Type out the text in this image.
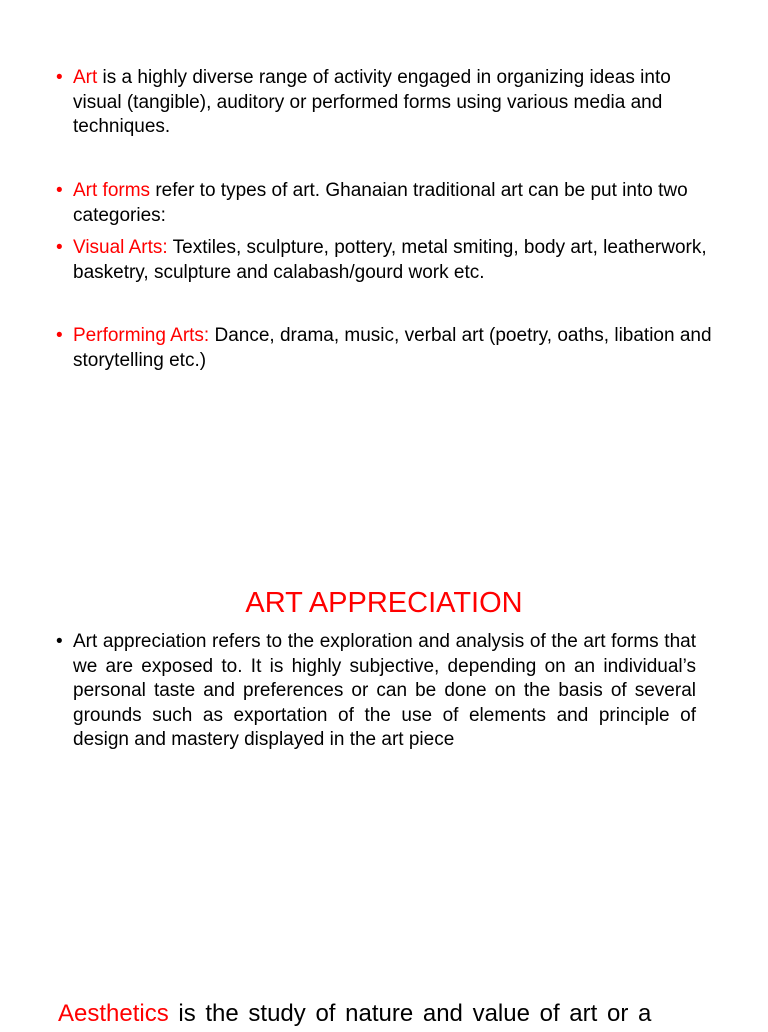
• Art is a highly diverse range of activity engaged in organizing ideas into visual (tangible), auditory or performed forms using various media and techniques.
• Art forms refer to types of art. Ghanaian traditional art can be put into two categories:
• Visual Arts: Textiles, sculpture, pottery, metal smiting, body art, leatherwork, basketry, sculpture and calabash/gourd work etc.
• Performing Arts: Dance, drama, music, verbal art (poetry, oaths, libation and storytelling etc.)
ART APPRECIATION
• Art appreciation refers to the exploration and analysis of the art forms that we are exposed to. It is highly subjective, depending on an individual’s personal taste and preferences or can be done on the basis of several grounds such as exportation of the use of elements and principle of design and mastery displayed in the art piece
Aesthetics is the study of nature and value of art or a
